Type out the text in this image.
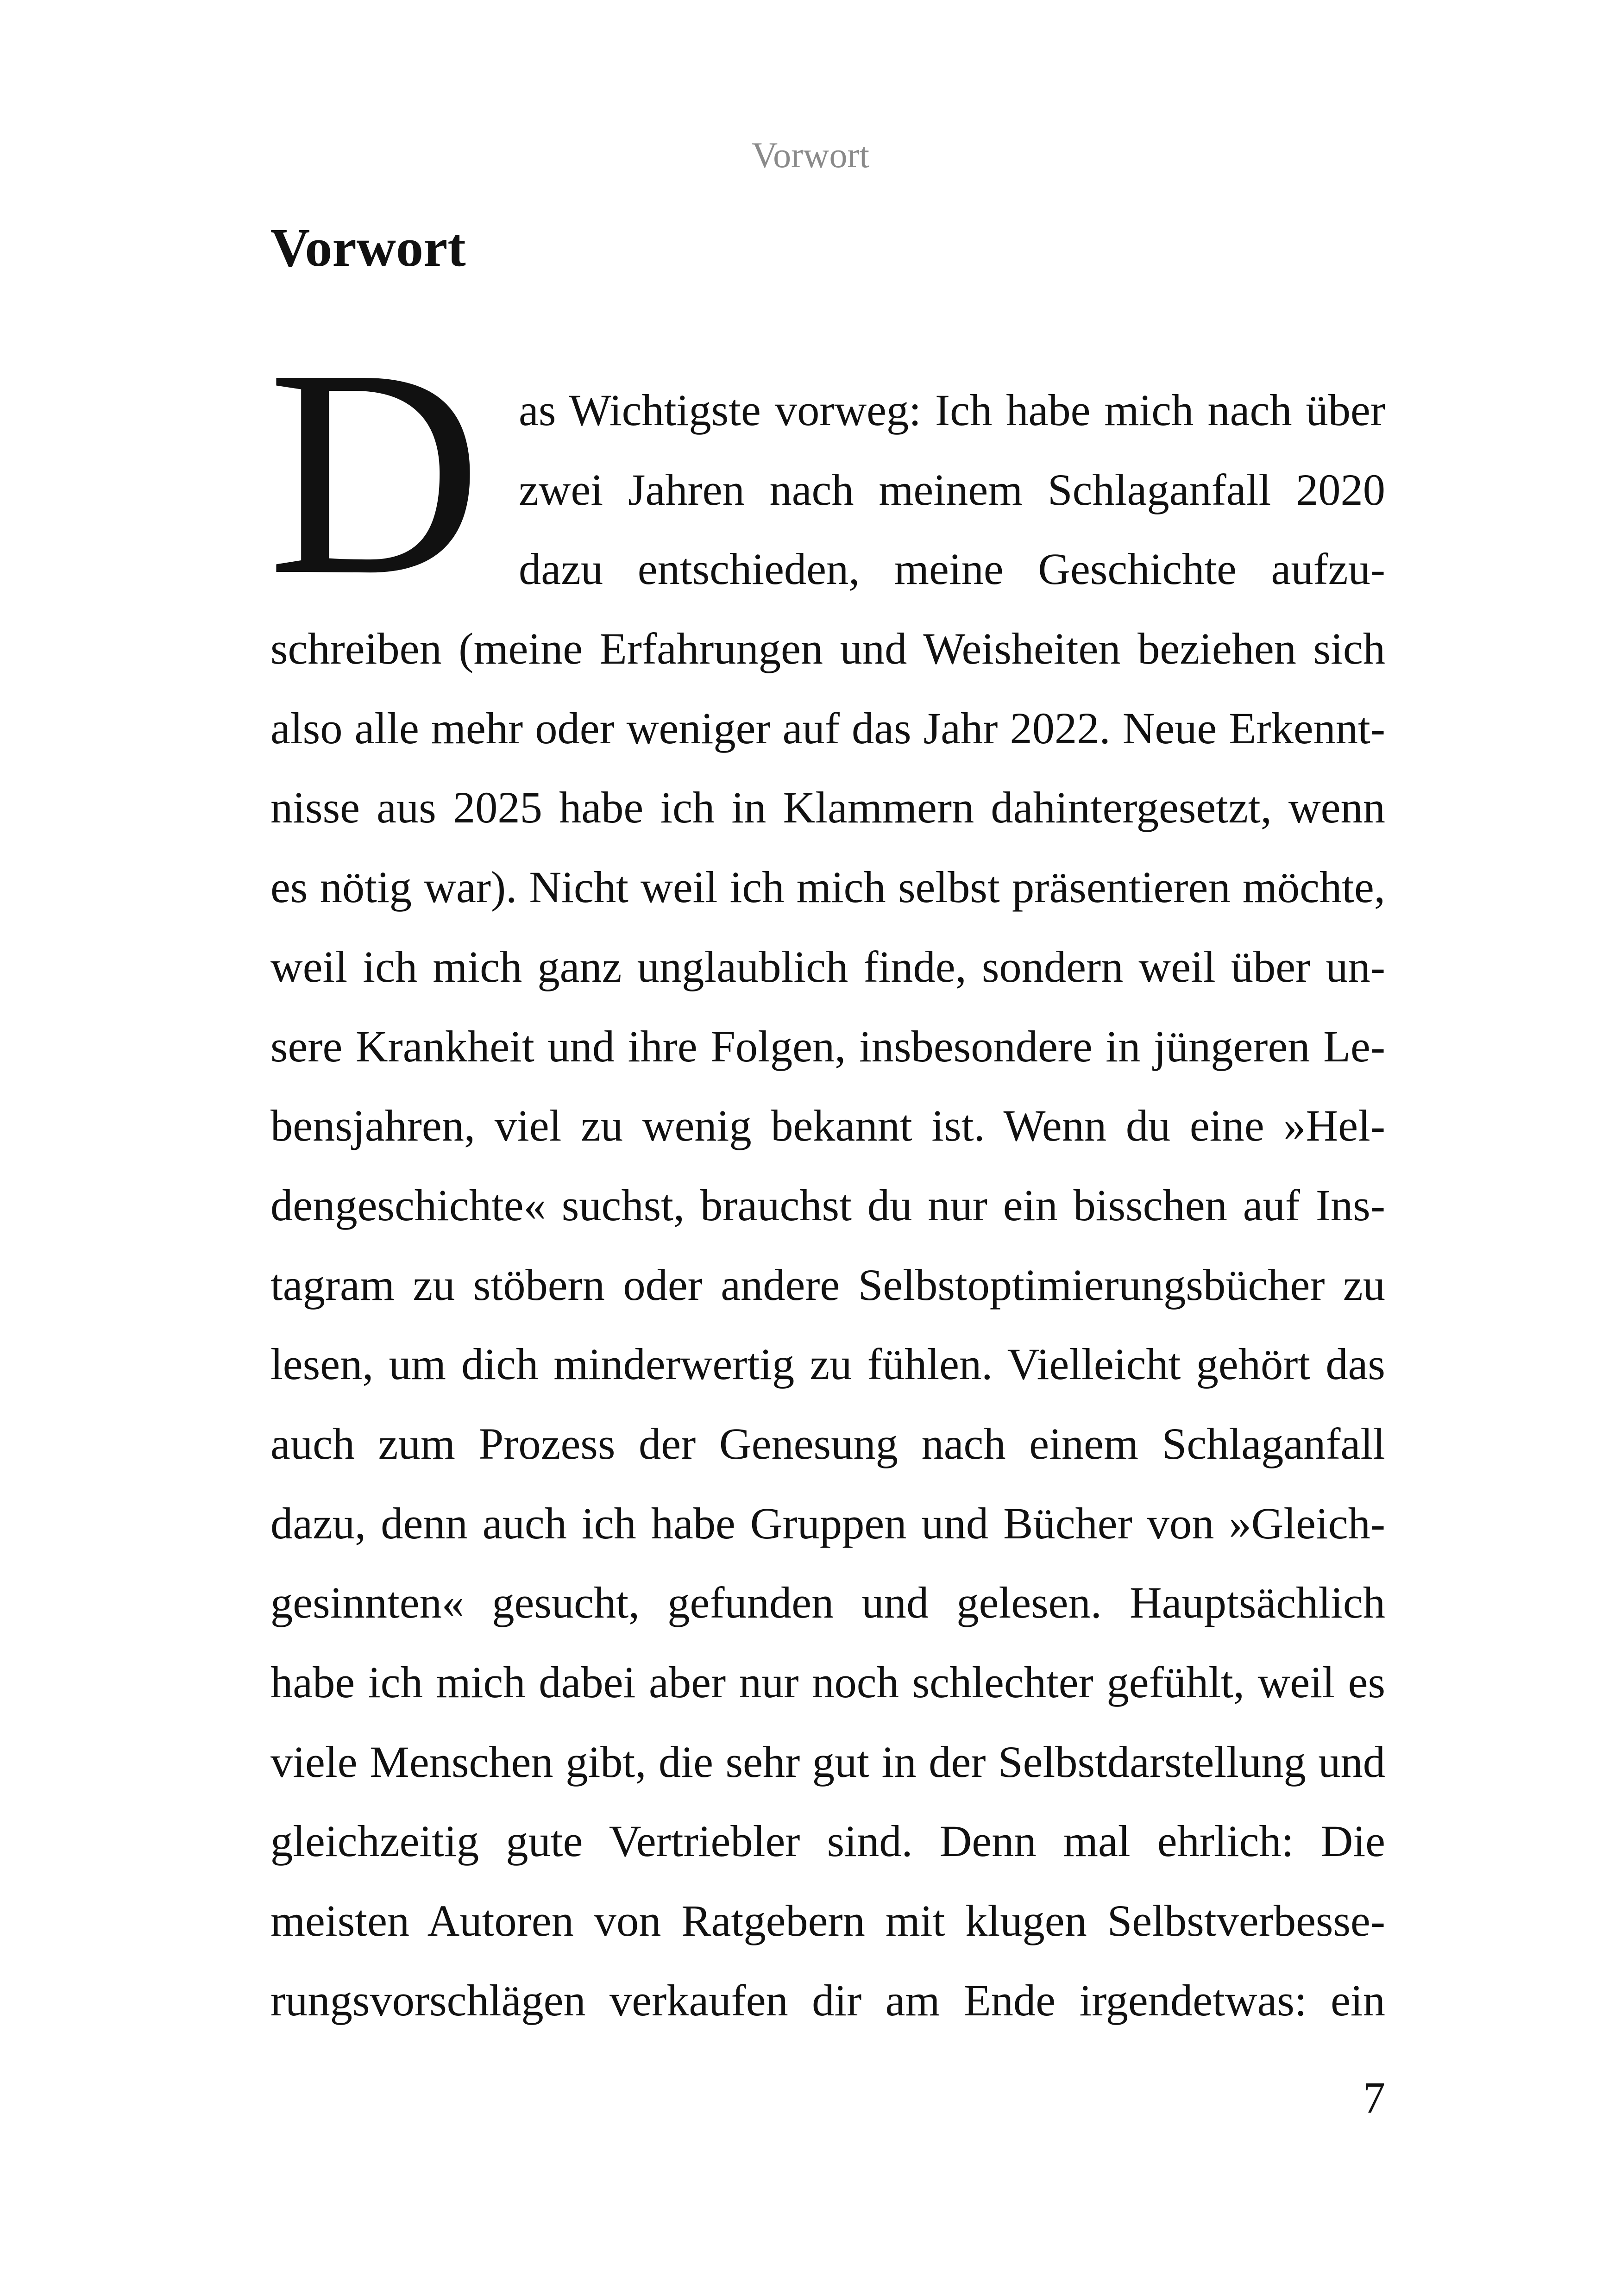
Vorwort
Vorwort
D as Wichtigste vorweg: Ich habe mich nach über
zwei Jahren nach meinem Schlaganfall 2020
dazu entschieden, meine Geschichte aufzu-
schreiben (meine Erfahrungen und Weisheiten beziehen sich
also alle mehr oder weniger auf das Jahr 2022. Neue Erkennt-
nisse aus 2025 habe ich in Klammern dahintergesetzt, wenn
es nötig war). Nicht weil ich mich selbst präsentieren möchte,
weil ich mich ganz unglaublich finde, sondern weil über un-
sere Krankheit und ihre Folgen, insbesondere in jüngeren Le-
bensjahren, viel zu wenig bekannt ist. Wenn du eine »Hel-
dengeschichte« suchst, brauchst du nur ein bisschen auf Ins-
tagram zu stöbern oder andere Selbstoptimierungsbücher zu
lesen, um dich minderwertig zu fühlen. Vielleicht gehört das
auch zum Prozess der Genesung nach einem Schlaganfall
dazu, denn auch ich habe Gruppen und Bücher von »Gleich-
gesinnten« gesucht, gefunden und gelesen. Hauptsächlich
habe ich mich dabei aber nur noch schlechter gefühlt, weil es
viele Menschen gibt, die sehr gut in der Selbstdarstellung und
gleichzeitig gute Vertriebler sind. Denn mal ehrlich: Die
meisten Autoren von Ratgebern mit klugen Selbstverbesse-
rungsvorschlägen verkaufen dir am Ende irgendetwas: ein

7
